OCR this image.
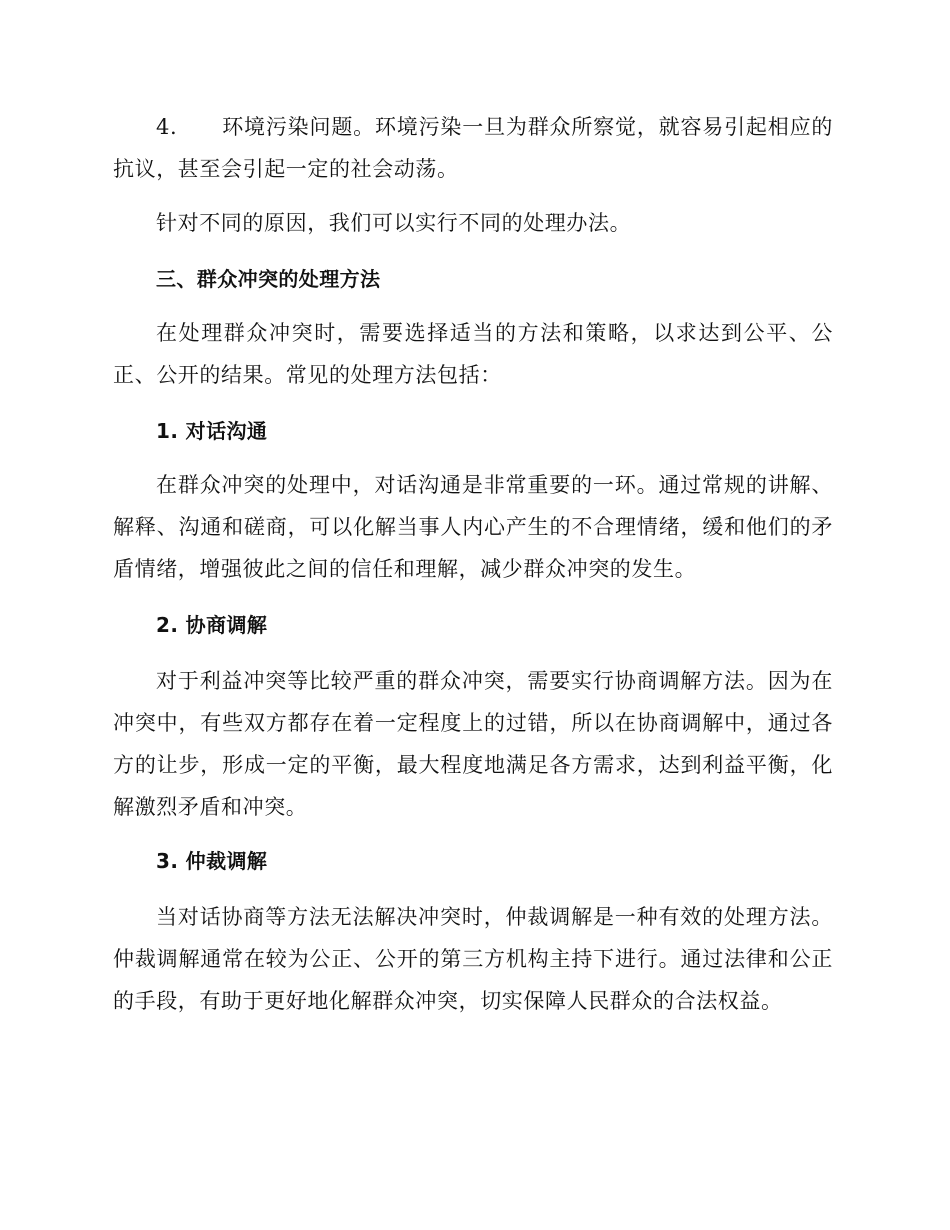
4. 环境污染问题。环境污染一旦为群众所察觉，就容易引起相应的抗议，甚至会引起一定的社会动荡。

针对不同的原因，我们可以实行不同的处理办法。

三、群众冲突的处理方法

在处理群众冲突时，需要选择适当的方法和策略，以求达到公平、公正、公开的结果。常见的处理方法包括：

1. 对话沟通

在群众冲突的处理中，对话沟通是非常重要的一环。通过常规的讲解、解释、沟通和磋商，可以化解当事人内心产生的不合理情绪，缓和他们的矛盾情绪，增强彼此之间的信任和理解，减少群众冲突的发生。

2. 协商调解

对于利益冲突等比较严重的群众冲突，需要实行协商调解方法。因为在冲突中，有些双方都存在着一定程度上的过错，所以在协商调解中，通过各方的让步，形成一定的平衡，最大程度地满足各方需求，达到利益平衡，化解激烈矛盾和冲突。

3. 仲裁调解

当对话协商等方法无法解决冲突时，仲裁调解是一种有效的处理方法。仲裁调解通常在较为公正、公开的第三方机构主持下进行。通过法律和公正的手段，有助于更好地化解群众冲突，切实保障人民群众的合法权益。
